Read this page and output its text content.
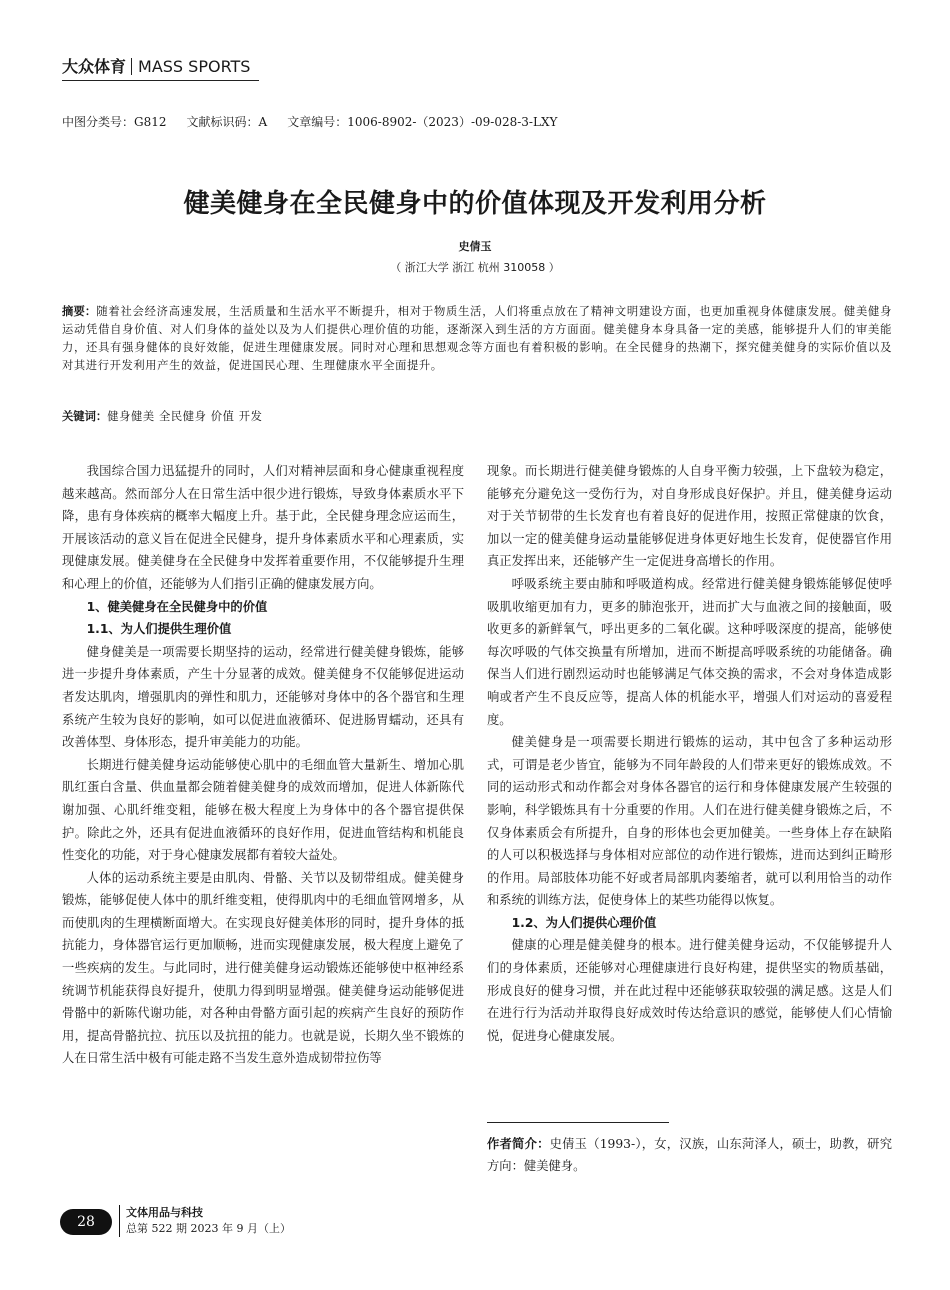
大众体育 MASS SPORTS
中图分类号：G812 文献标识码：A 文章编号：1006-8902-（2023）-09-028-3-LXY
健美健身在全民健身中的价值体现及开发利用分析
史倩玉
（ 浙江大学 浙江 杭州 310058 ）
摘要：随着社会经济高速发展，生活质量和生活水平不断提升，相对于物质生活，人们将重点放在了精神文明建设方面，也更加重视身体健康发展。健美健身运动凭借自身价值、对人们身体的益处以及为人们提供心理价值的功能，逐渐深入到生活的方方面面。健美健身本身具备一定的美感，能够提升人们的审美能力，还具有强身健体的良好效能，促进生理健康发展。同时对心理和思想观念等方面也有着积极的影响。在全民健身的热潮下，探究健美健身的实际价值以及对其进行开发利用产生的效益，促进国民心理、生理健康水平全面提升。
关键词：健身健美 全民健身 价值 开发

我国综合国力迅猛提升的同时，人们对精神层面和身心健康重视程度越来越高。然而部分人在日常生活中很少进行锻炼，导致身体素质水平下降，患有身体疾病的概率大幅度上升。基于此，全民健身理念应运而生，开展该活动的意义旨在促进全民健身，提升身体素质水平和心理素质，实现健康发展。健美健身在全民健身中发挥着重要作用，不仅能够提升生理和心理上的价值，还能够为人们指引正确的健康发展方向。

1、健美健身在全民健身中的价值
1.1、为人们提供生理价值

健身健美是一项需要长期坚持的运动，经常进行健美健身锻炼，能够进一步提升身体素质，产生十分显著的成效。健美健身不仅能够促进运动者发达肌肉，增强肌肉的弹性和肌力，还能够对身体中的各个器官和生理系统产生较为良好的影响，如可以促进血液循环、促进肠胃蠕动，还具有改善体型、身体形态，提升审美能力的功能。

长期进行健美健身运动能够使心肌中的毛细血管大量新生、增加心肌肌红蛋白含量、供血量都会随着健美健身的成效而增加，促进人体新陈代谢加强、心肌纤维变粗，能够在极大程度上为身体中的各个器官提供保护。除此之外，还具有促进血液循环的良好作用，促进血管结构和机能良性变化的功能，对于身心健康发展都有着较大益处。

人体的运动系统主要是由肌肉、骨骼、关节以及韧带组成。健美健身锻炼，能够促使人体中的肌纤维变粗，使得肌肉中的毛细血管网增多，从而使肌肉的生理横断面增大。在实现良好健美体形的同时，提升身体的抵抗能力，身体器官运行更加顺畅，进而实现健康发展，极大程度上避免了一些疾病的发生。与此同时，进行健美健身运动锻炼还能够使中枢神经系统调节机能获得良好提升，使肌力得到明显增强。健美健身运动能够促进骨骼中的新陈代谢功能，对各种由骨骼方面引起的疾病产生良好的预防作用，提高骨骼抗拉、抗压以及抗扭的能力。也就是说，长期久坐不锻炼的人在日常生活中极有可能走路不当发生意外造成韧带拉伤等

现象。而长期进行健美健身锻炼的人自身平衡力较强，上下盘较为稳定，能够充分避免这一受伤行为，对自身形成良好保护。并且，健美健身运动对于关节韧带的生长发育也有着良好的促进作用，按照正常健康的饮食，加以一定的健美健身运动量能够促进身体更好地生长发育，促使器官作用真正发挥出来，还能够产生一定促进身高增长的作用。

呼吸系统主要由肺和呼吸道构成。经常进行健美健身锻炼能够促使呼吸肌收缩更加有力，更多的肺泡张开，进而扩大与血液之间的接触面，吸收更多的新鲜氧气，呼出更多的二氧化碳。这种呼吸深度的提高，能够使每次呼吸的气体交换量有所增加，进而不断提高呼吸系统的功能储备。确保当人们进行剧烈运动时也能够满足气体交换的需求，不会对身体造成影响或者产生不良反应等，提高人体的机能水平，增强人们对运动的喜爱程度。

健美健身是一项需要长期进行锻炼的运动，其中包含了多种运动形式，可谓是老少皆宜，能够为不同年龄段的人们带来更好的锻炼成效。不同的运动形式和动作都会对身体各器官的运行和身体健康发展产生较强的影响，科学锻炼具有十分重要的作用。人们在进行健美健身锻炼之后，不仅身体素质会有所提升，自身的形体也会更加健美。一些身体上存在缺陷的人可以积极选择与身体相对应部位的动作进行锻炼，进而达到纠正畸形的作用。局部肢体功能不好或者局部肌肉萎缩者，就可以利用恰当的动作和系统的训练方法，促使身体上的某些功能得以恢复。

1.2、为人们提供心理价值

健康的心理是健美健身的根本。进行健美健身运动，不仅能够提升人们的身体素质，还能够对心理健康进行良好构建，提供坚实的物质基础，形成良好的健身习惯，并在此过程中还能够获取较强的满足感。这是人们在进行行为活动并取得良好成效时传达给意识的感觉，能够使人们心情愉悦，促进身心健康发展。

作者简介：史倩玉（1993-），女，汉族，山东菏泽人，硕士，助教，研究方向：健美健身。
28
文体用品与科技
总第 522 期 2023 年 9 月（上）
